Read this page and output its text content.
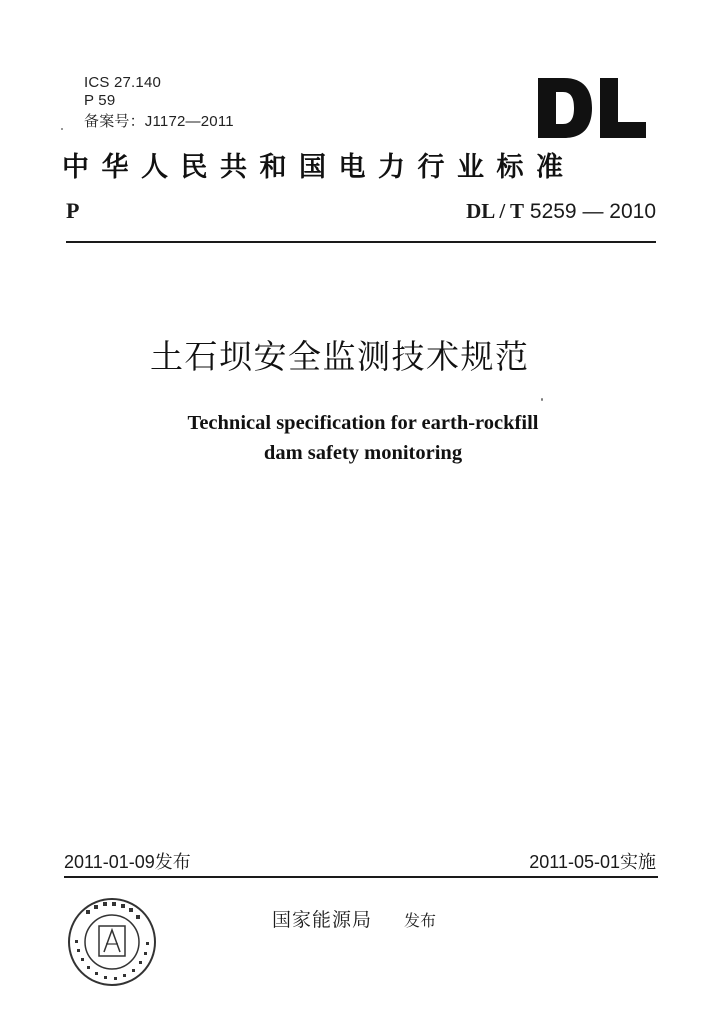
ICS 27.140
P 59
备案号：J1172—2011
中华人民共和国电力行业标准
P	DL / T 5259 — 2010
土石坝安全监测技术规范
Technical specification for earth-rockfill
dam safety monitoring
2011-01-09发布	2011-05-01实施
国家能源局 发布
